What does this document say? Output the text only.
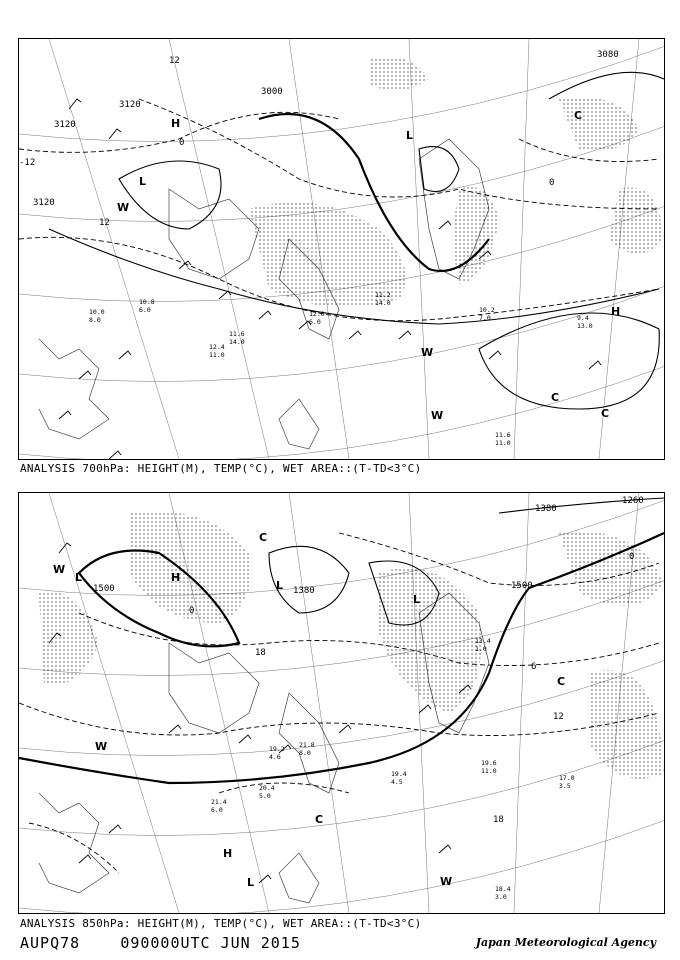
3000
3120
3120
3120
3080
12
0
-12
12
0
H
L
L
H
W
W
W
C
C
C
11.6
14.0
10.2
7.0	9.4
13.0
11.2
14.0
12.0
6.0
11.6
11.0
12.4
11.0
10.8
6.0
10.0
8.0
ANALYSIS 700hPa: HEIGHT(M), TEMP(°C), WET AREA::(T-TD<3°C)
1500	1500
1380
1380
1260
18
0
6
12
18
0
L	H
L
L
H
L
W
W
W
C
C
C
19.6
11.0
17.0
3.5
19.4
4.5
18.4
3.0
21.4
6.0
20.4
5.0
19.2
4.6
13.4
1.0
21.8
8.0
ANALYSIS 850hPa: HEIGHT(M), TEMP(°C), WET AREA::(T-TD<3°C)
AUPQ78	090000UTC JUN 2015	Japan Meteorological Agency
